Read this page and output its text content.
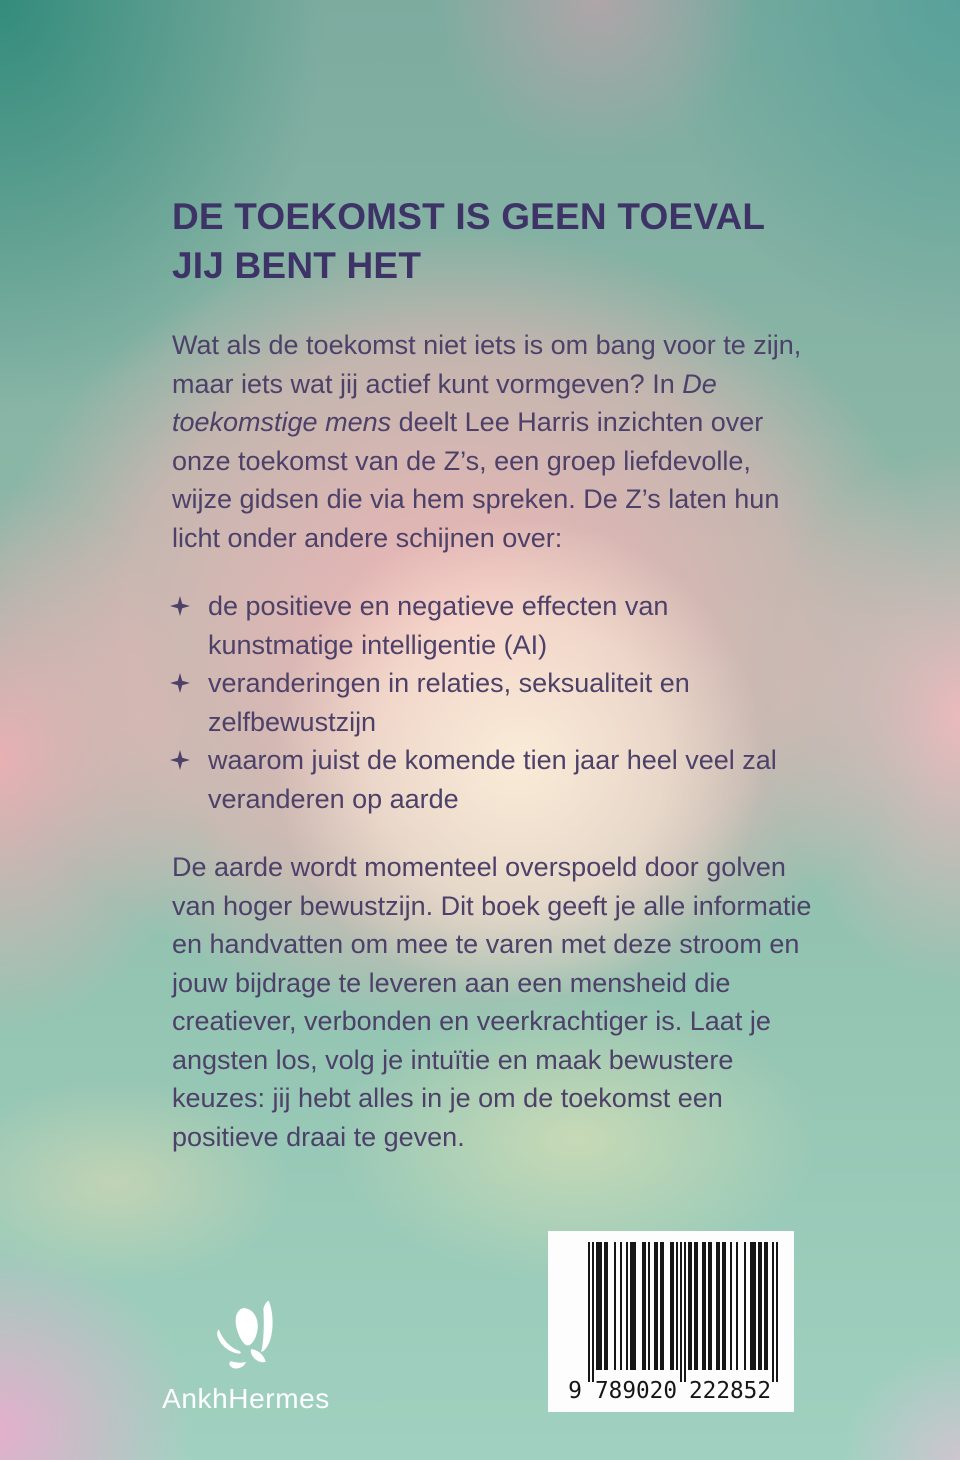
DE TOEKOMST IS GEEN TOEVAL
JIJ BENT HET

Wat als de toekomst niet iets is om bang voor te zijn, maar iets wat jij actief kunt vormgeven? In De toekomstige mens deelt Lee Harris inzichten over onze toekomst van de Z’s, een groep liefdevolle, wijze gidsen die via hem spreken. De Z’s laten hun licht onder andere schijnen over:

de positieve en negatieve effecten van kunstmatige intelligentie (AI)
veranderingen in relaties, seksualiteit en zelfbewustzijn
waarom juist de komende tien jaar heel veel zal veranderen op aarde

De aarde wordt momenteel overspoeld door golven van hoger bewustzijn. Dit boek geeft je alle informatie en handvatten om mee te varen met deze stroom en jouw bijdrage te leveren aan een mensheid die creatiever, verbonden en veerkrachtiger is. Laat je angsten los, volg je intuïtie en maak bewustere keuzes: jij hebt alles in je om de toekomst een positieve draai te geven.

AnkhHermes	9 789020 222852
